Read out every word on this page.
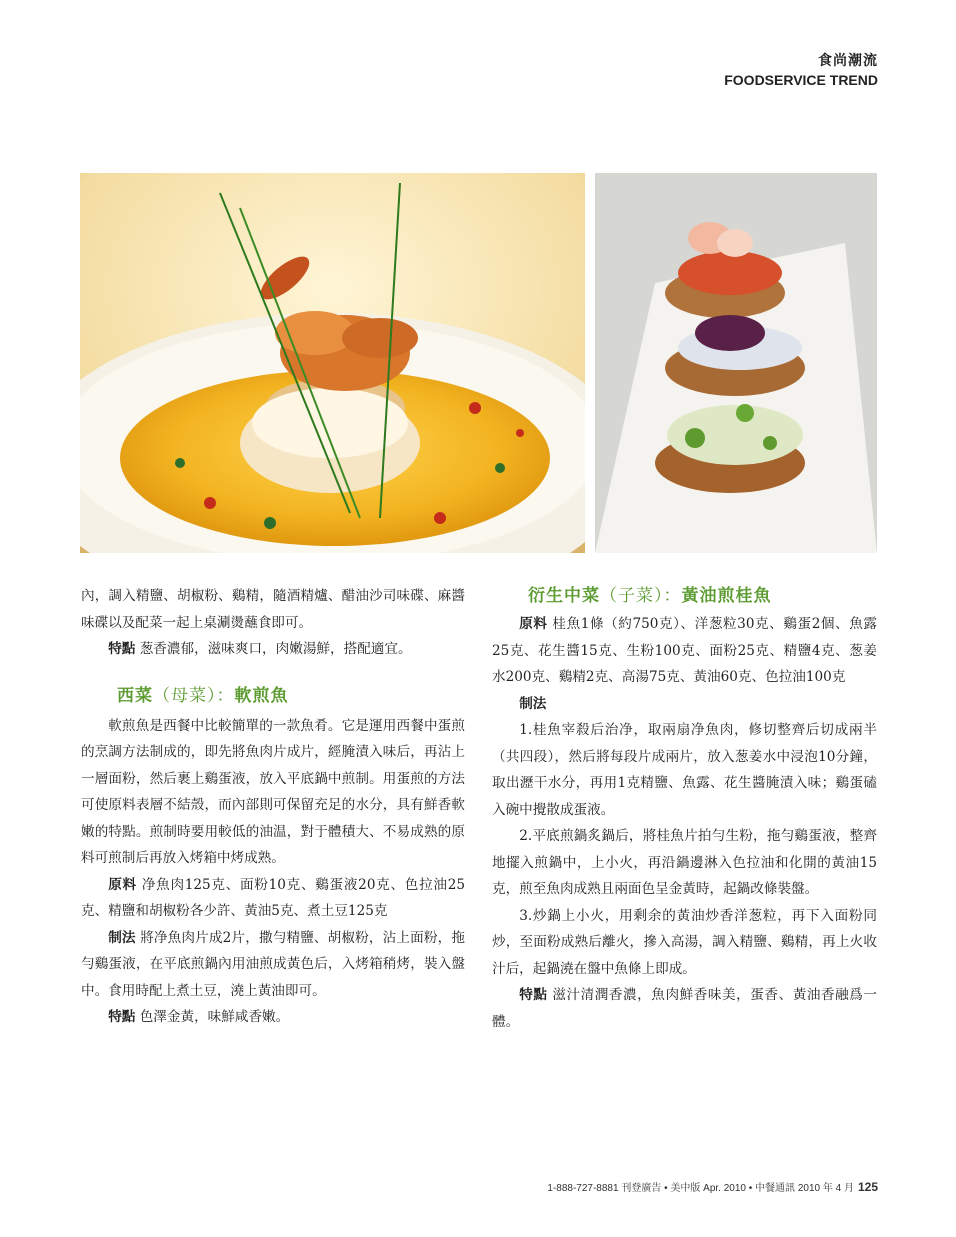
食尚潮流
FOODSERVICE TREND

內，調入精鹽、胡椒粉、鷄精，隨酒精爐、醋油沙司味碟、麻醬味碟以及配菜一起上桌涮燙蘸食即可。

特點 葱香濃郁，滋味爽口，肉嫩湯鮮，搭配適宜。

西菜（母菜）：軟煎魚

軟煎魚是西餐中比較簡單的一款魚肴。它是運用西餐中蛋煎的烹調方法制成的，即先將魚肉片成片，經腌漬入味后，再沾上一層面粉，然后裹上鷄蛋液，放入平底鍋中煎制。用蛋煎的方法可使原料表層不結殼，而內部則可保留充足的水分，具有鮮香軟嫩的特點。煎制時要用較低的油温，對于體積大、不易成熟的原料可煎制后再放入烤箱中烤成熟。

原料 净魚肉125克、面粉10克、鷄蛋液20克、色拉油25克、精鹽和胡椒粉各少許、黃油5克、煮土豆125克

制法 將净魚肉片成2片，撒勻精鹽、胡椒粉，沾上面粉，拖勻鷄蛋液，在平底煎鍋內用油煎成黃色后，入烤箱稍烤，裝入盤中。食用時配上煮土豆，澆上黃油即可。

特點 色澤金黃，味鮮咸香嫩。

衍生中菜（子菜）：黃油煎桂魚

原料 桂魚1條（約750克）、洋葱粒30克、鷄蛋2個、魚露25克、花生醬15克、生粉100克、面粉25克、精鹽4克、葱姜水200克、鷄精2克、高湯75克、黃油60克、色拉油100克

制法

1.桂魚宰殺后治净，取兩扇净魚肉，修切整齊后切成兩半（共四段），然后將每段片成兩片，放入葱姜水中浸泡10分鐘，取出瀝干水分，再用1克精鹽、魚露、花生醬腌漬入味；鷄蛋磕入碗中攪散成蛋液。

2.平底煎鍋炙鍋后，將桂魚片拍勻生粉，拖勻鷄蛋液，整齊地擺入煎鍋中，上小火，再沿鍋邊淋入色拉油和化開的黃油15克，煎至魚肉成熟且兩面色呈金黃時，起鍋改條裝盤。

3.炒鍋上小火，用剩余的黃油炒香洋葱粒，再下入面粉同炒，至面粉成熟后離火，摻入高湯，調入精鹽、鷄精，再上火收汁后，起鍋澆在盤中魚條上即成。

特點 滋汁清潤香濃，魚肉鮮香味美，蛋香、黃油香融爲一體。

1-888-727-8881 刊登廣告 • 美中版 Apr. 2010 • 中餐通訊 2010 年 4 月 125
